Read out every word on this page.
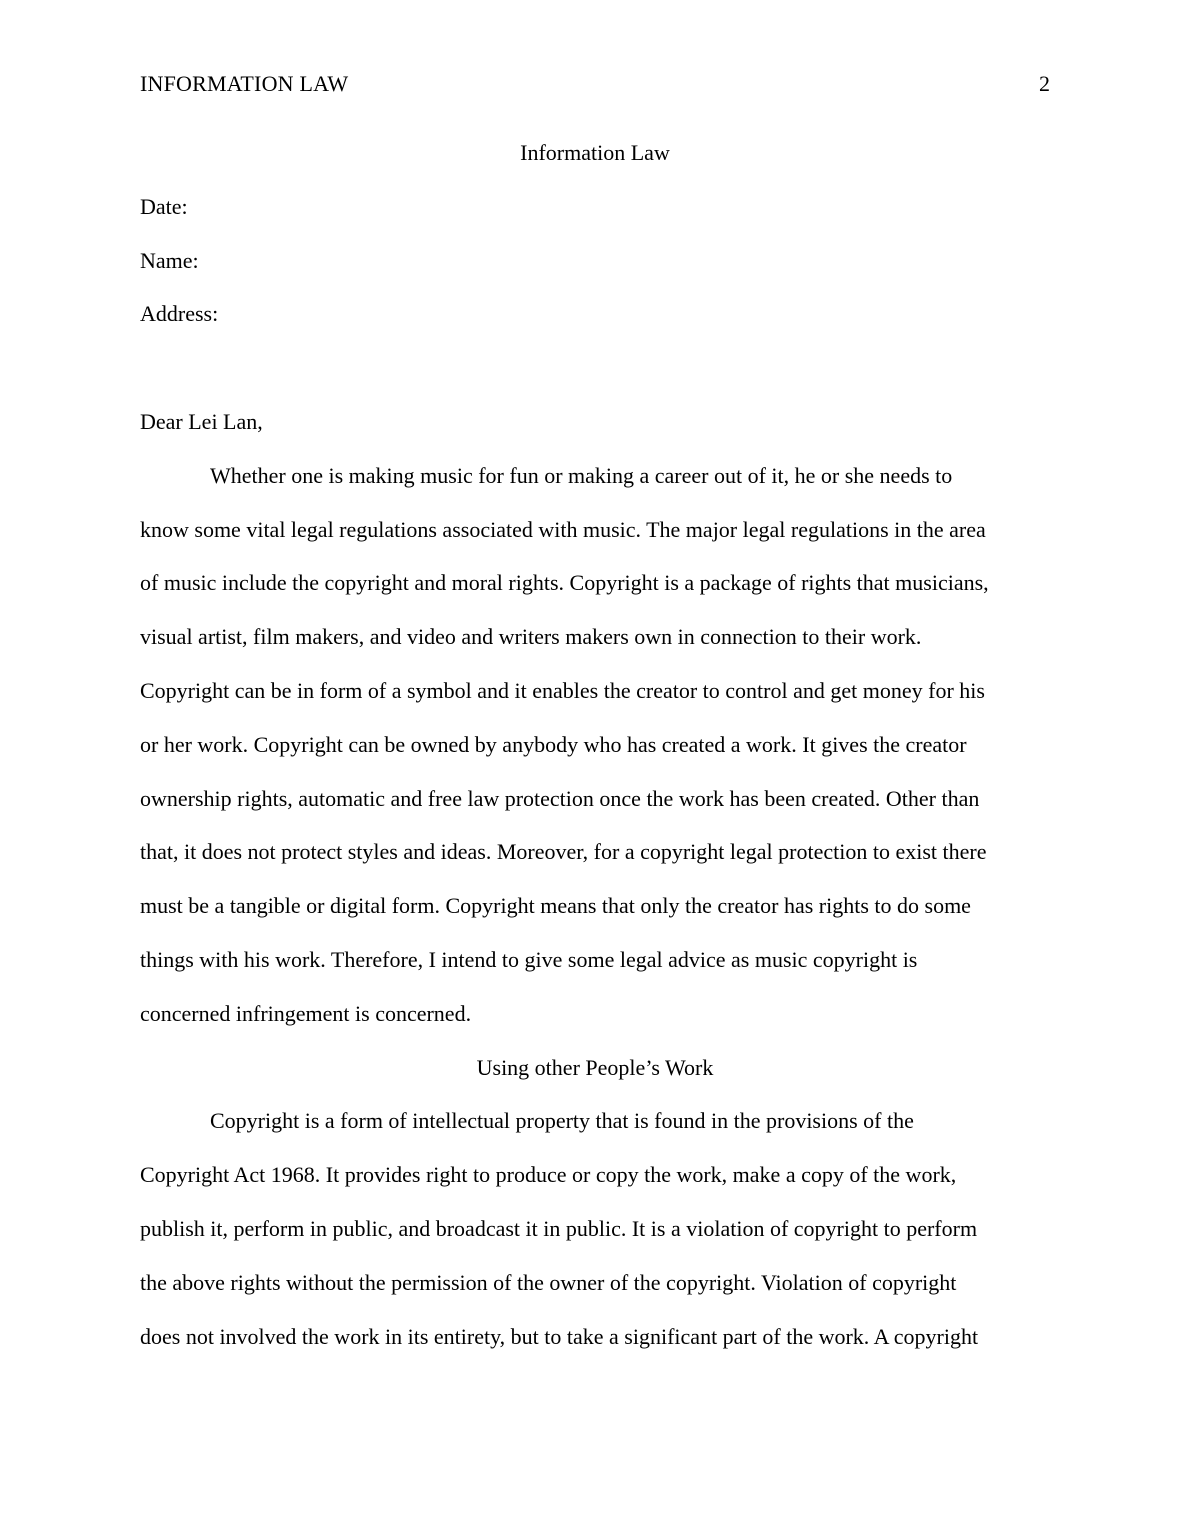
INFORMATION LAW	2
Information Law
Date:
Name:
Address:
Dear Lei Lan,
Whether one is making music for fun or making a career out of it, he or she needs to
know some vital legal regulations associated with music. The major legal regulations in the area
of music include the copyright and moral rights. Copyright is a package of rights that musicians,
visual artist, film makers, and video and writers makers own in connection to their work.
Copyright can be in form of a symbol and it enables the creator to control and get money for his
or her work. Copyright can be owned by anybody who has created a work. It gives the creator
ownership rights, automatic and free law protection once the work has been created. Other than
that, it does not protect styles and ideas. Moreover, for a copyright legal protection to exist there
must be a tangible or digital form. Copyright means that only the creator has rights to do some
things with his work. Therefore, I intend to give some legal advice as music copyright is
concerned infringement is concerned.
Using other People’s Work
Copyright is a form of intellectual property that is found in the provisions of the
Copyright Act 1968. It provides right to produce or copy the work, make a copy of the work,
publish it, perform in public, and broadcast it in public. It is a violation of copyright to perform
the above rights without the permission of the owner of the copyright. Violation of copyright
does not involved the work in its entirety, but to take a significant part of the work. A copyright
